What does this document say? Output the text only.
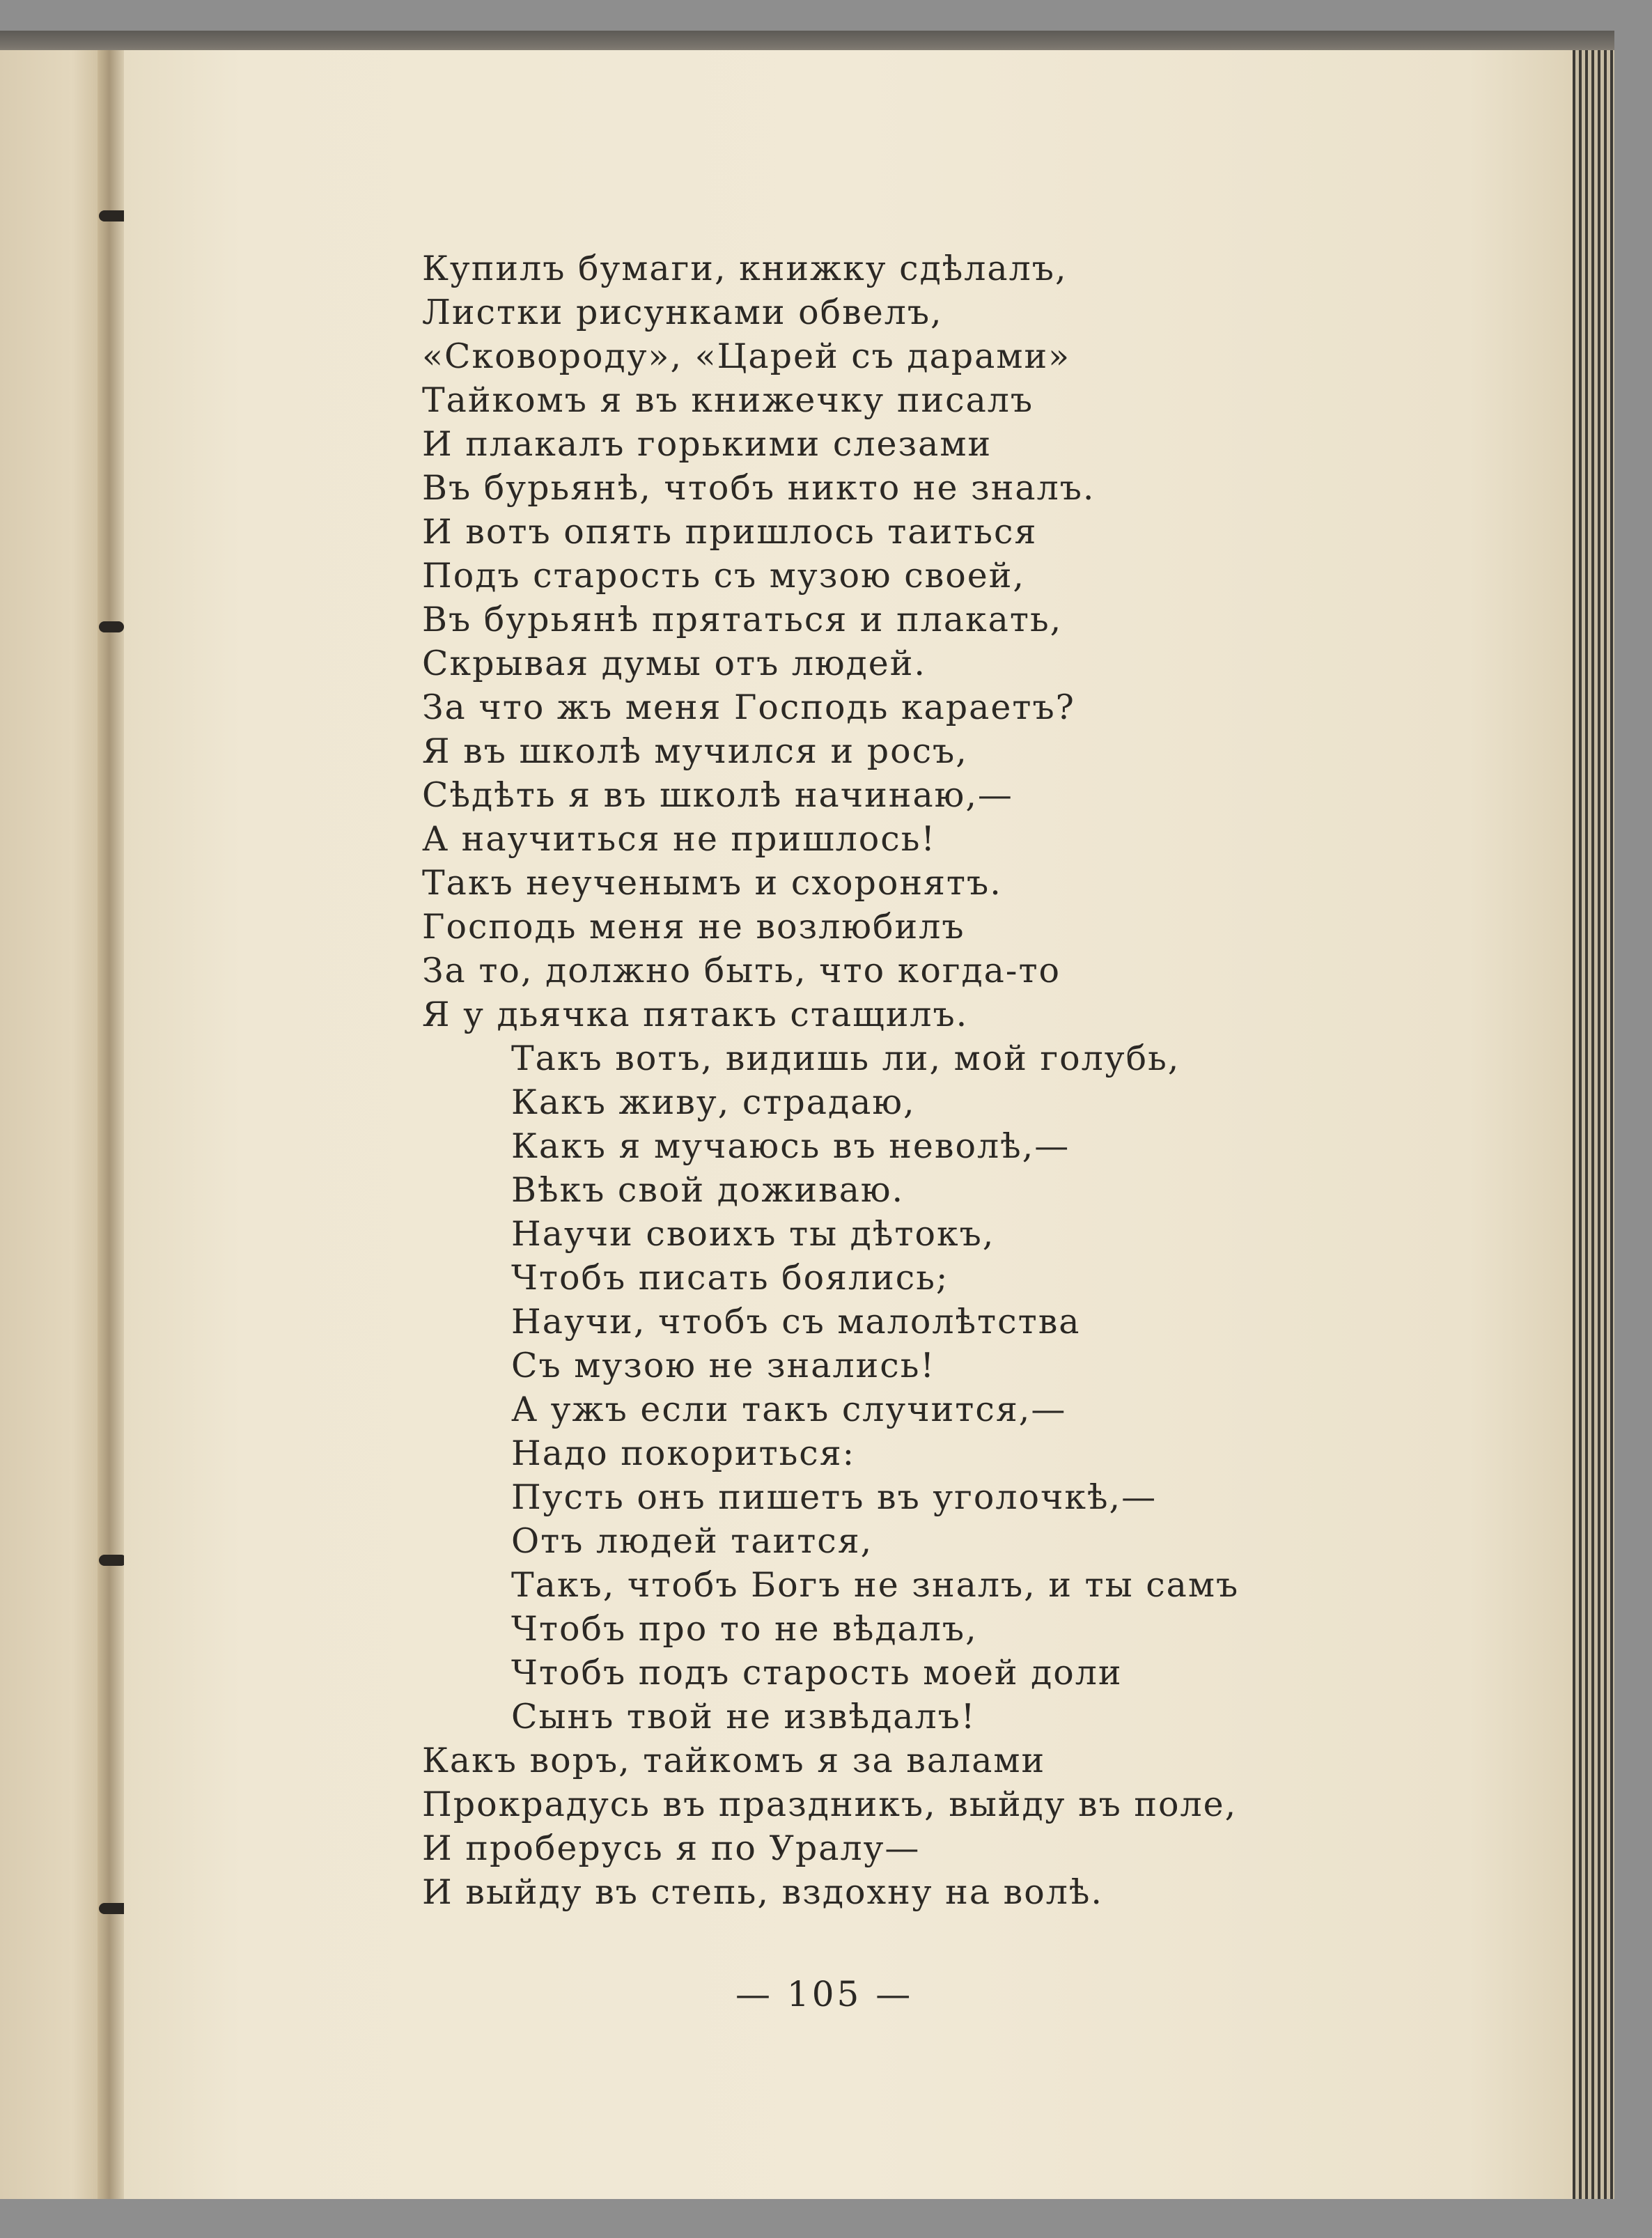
Купилъ бумаги, книжку сдѣлалъ,
Листки рисунками обвелъ,
«Сковороду», «Царей съ дарами»
Тайкомъ я въ книжечку писалъ
И плакалъ горькими слезами
Въ бурьянѣ, чтобъ никто не зналъ.
И вотъ опять пришлось таиться
Подъ старость съ музою своей,
Въ бурьянѣ прятаться и плакать,
Скрывая думы отъ людей.
За что жъ меня Господь караетъ?
Я въ школѣ мучился и росъ,
Сѣдѣть я въ школѣ начинаю,—
А научиться не пришлось!
Такъ неученымъ и схоронятъ.
Господь меня не возлюбилъ
За то, должно быть, что когда-то
Я у дьячка пятакъ стащилъ.
Такъ вотъ, видишь ли, мой голубь,
Какъ живу, страдаю,
Какъ я мучаюсь въ неволѣ,—
Вѣкъ свой доживаю.
Научи своихъ ты дѣтокъ,
Чтобъ писать боялись;
Научи, чтобъ съ малолѣтства
Съ музою не знались!
А ужъ если такъ случится,—
Надо покориться:
Пусть онъ пишетъ въ уголочкѣ,—
Отъ людей таится,
Такъ, чтобъ Богъ не зналъ, и ты самъ
Чтобъ про то не вѣдалъ,
Чтобъ подъ старость моей доли
Сынъ твой не извѣдалъ!
Какъ воръ, тайкомъ я за валами
Прокрадусь въ праздникъ, выйду въ поле,
И проберусь я по Уралу—
И выйду въ степь, вздохну на волѣ.
— 105 —
